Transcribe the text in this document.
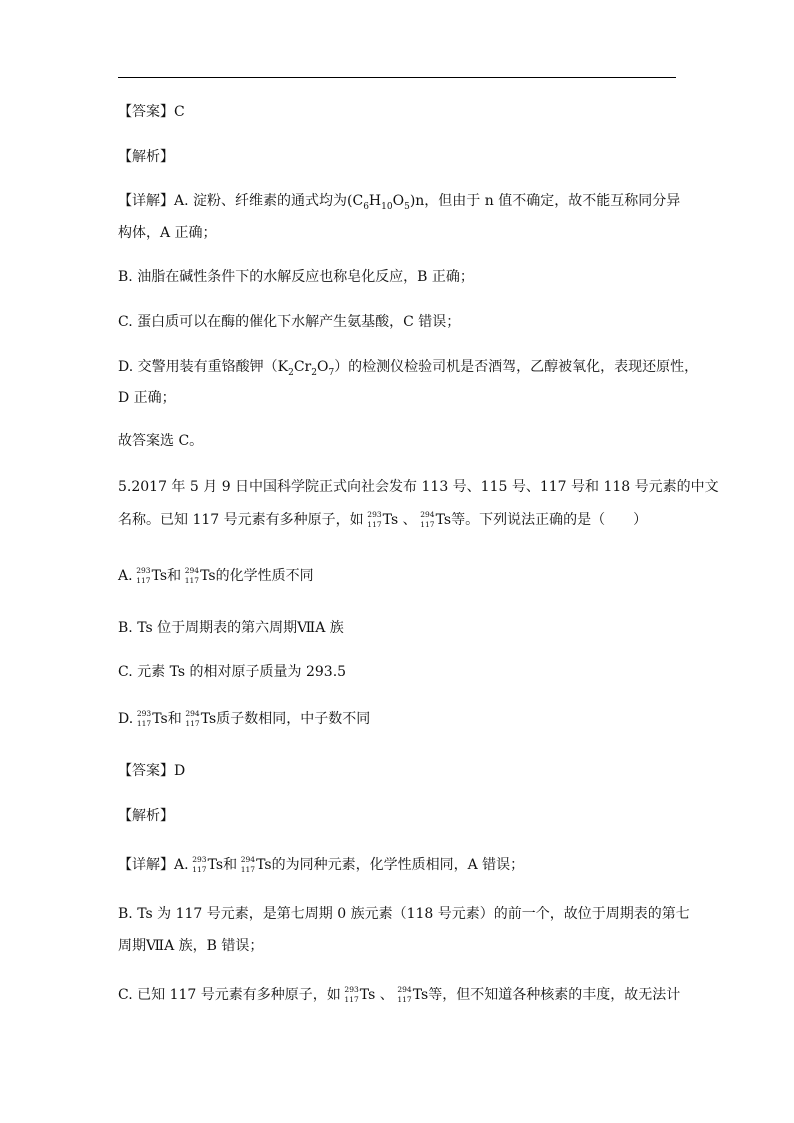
【答案】C
【解析】
【详解】A. 淀粉、纤维素的通式均为$(C_6H_{10}O_5)n$，但由于 n 值不确定，故不能互称同分异
构体，A 正确；
B. 油脂在碱性条件下的水解反应也称皂化反应，B 正确；
C. 蛋白质可以在酶的催化下水解产生氨基酸，C 错误；
D. 交警用装有重铬酸钾$(K_2Cr_2O_7)$的检测仪检验司机是否酒驾，乙醇被氧化，表现还原性，
D 正确；
故答案选 C。
5.2017 年 5 月 9 日中国科学院正式向社会发布 113 号、115 号、117 号和 118 号元素的中文
名称。已知 117 号元素有多种原子，如 293
117 Ts 、 294
117 Ts等。下列说法正确的是（　　）
A. 293
117 Ts和 294
117 Ts的化学性质不同
B. Ts 位于周期表的第六周期ⅦA 族
C. 元素 Ts 的相对原子质量为 293.5
D. 293
117 Ts和 294
117 Ts质子数相同，中子数不同
【答案】D
【解析】
【详解】A. 293
117 Ts和 294
117 Ts的为同种元素，化学性质相同，A 错误；
B. Ts 为 117 号元素，是第七周期 0 族元素（118 号元素）的前一个，故位于周期表的第七
周期ⅦA 族，B 错误；
C. 已知 117 号元素有多种原子，如 293
117 Ts 、 294
117 Ts等，但不知道各种核素的丰度，故无法计
